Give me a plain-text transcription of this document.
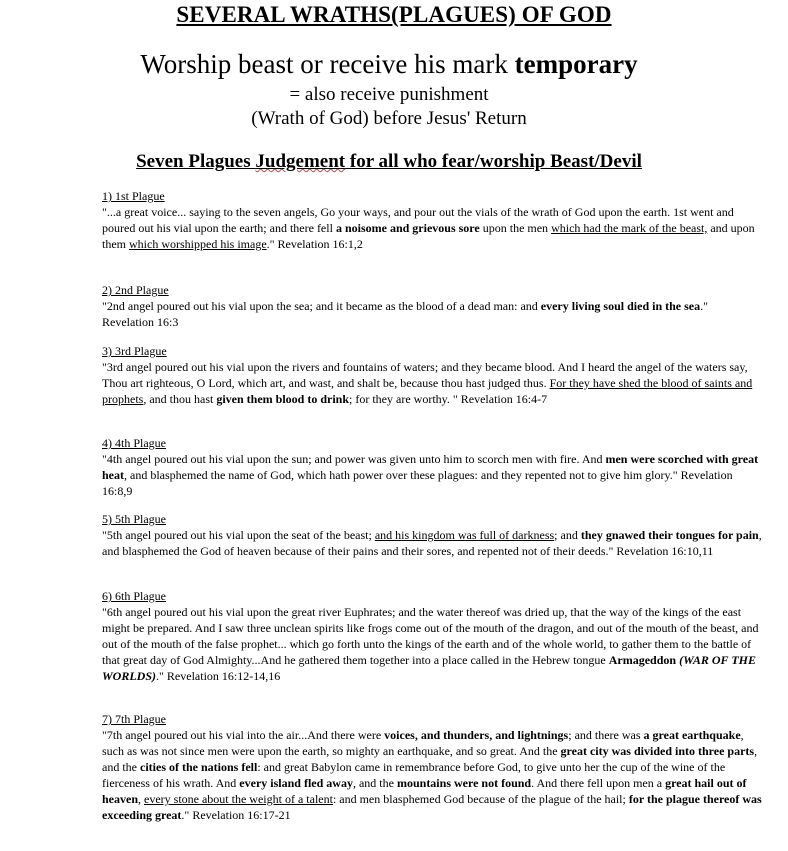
SEVERAL WRATHS(PLAGUES) OF GOD
Worship beast or receive his mark temporary
= also receive punishment
(Wrath of God) before Jesus' Return
Seven Plagues Judgement for all who fear/worship Beast/Devil
1) 1st Plague

"...a great voice... saying to the seven angels, Go your ways, and pour out the vials of the wrath of God upon the earth. 1st went and poured out his vial upon the earth; and there fell a noisome and grievous sore upon the men which had the mark of the beast, and upon them which worshipped his image." Revelation 16:1,2

2) 2nd Plague

"2nd angel poured out his vial upon the sea; and it became as the blood of a dead man: and every living soul died in the sea." Revelation 16:3

3) 3rd Plague

"3rd angel poured out his vial upon the rivers and fountains of waters; and they became blood. And I heard the angel of the waters say, Thou art righteous, O Lord, which art, and wast, and shalt be, because thou hast judged thus. For they have shed the blood of saints and prophets, and thou hast given them blood to drink; for they are worthy. " Revelation 16:4-7

4) 4th Plague

"4th angel poured out his vial upon the sun; and power was given unto him to scorch men with fire. And men were scorched with great heat, and blasphemed the name of God, which hath power over these plagues: and they repented not to give him glory." Revelation 16:8,9

5) 5th Plague

"5th angel poured out his vial upon the seat of the beast; and his kingdom was full of darkness; and they gnawed their tongues for pain, and blasphemed the God of heaven because of their pains and their sores, and repented not of their deeds." Revelation 16:10,11

6) 6th Plague

"6th angel poured out his vial upon the great river Euphrates; and the water thereof was dried up, that the way of the kings of the east might be prepared. And I saw three unclean spirits like frogs come out of the mouth of the dragon, and out of the mouth of the beast, and out of the mouth of the false prophet... which go forth unto the kings of the earth and of the whole world, to gather them to the battle of that great day of God Almighty...And he gathered them together into a place called in the Hebrew tongue Armageddon (WAR OF THE WORLDS)." Revelation 16:12-14,16

7) 7th Plague

"7th angel poured out his vial into the air...And there were voices, and thunders, and lightnings; and there was a great earthquake, such as was not since men were upon the earth, so mighty an earthquake, and so great. And the great city was divided into three parts, and the cities of the nations fell: and great Babylon came in remembrance before God, to give unto her the cup of the wine of the fierceness of his wrath. And every island fled away, and the mountains were not found. And there fell upon men a great hail out of heaven, every stone about the weight of a talent: and men blasphemed God because of the plague of the hail; for the plague thereof was exceeding great." Revelation 16:17-21
